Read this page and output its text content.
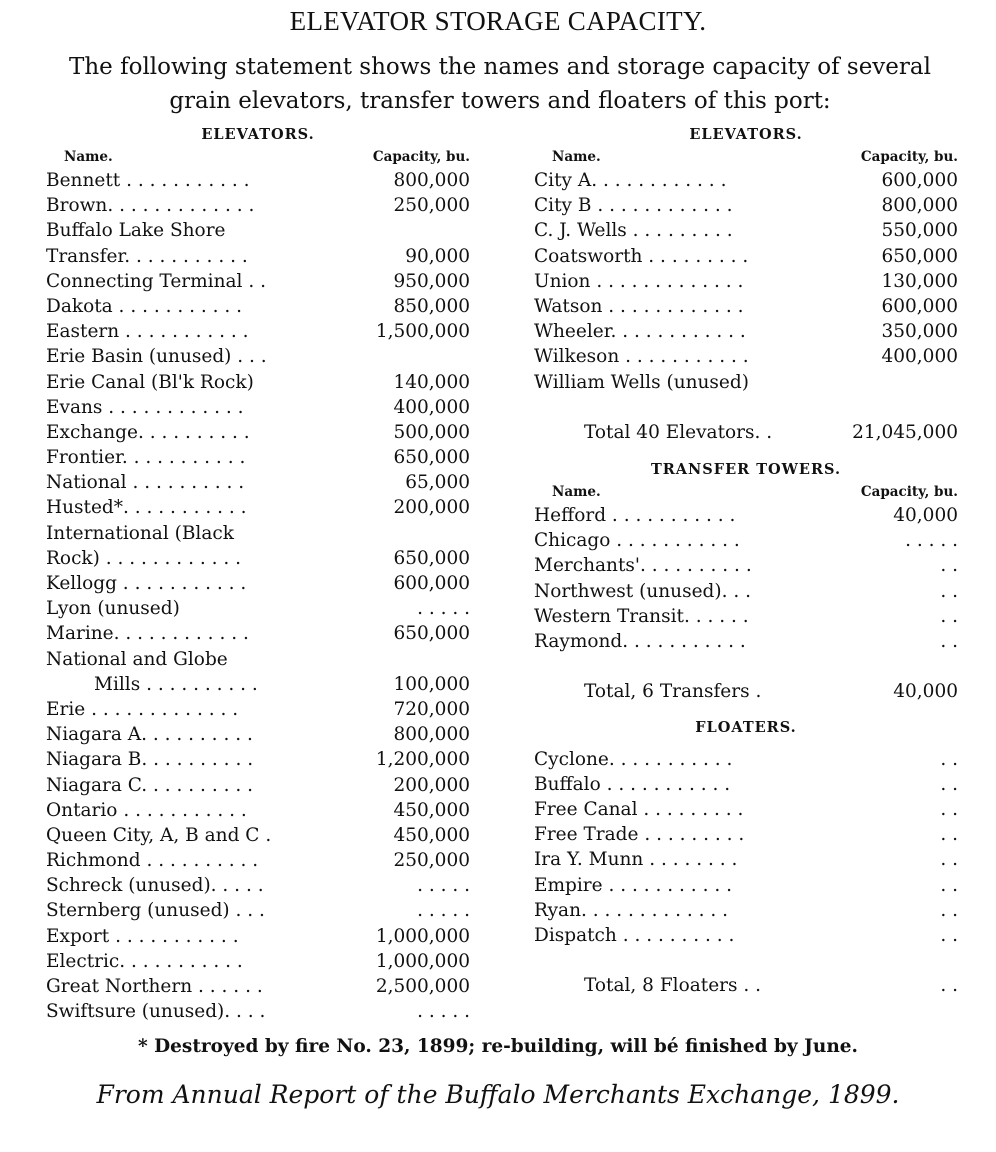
ELEVATOR STORAGE CAPACITY.
The following statement shows the names and storage capacity of several grain elevators, transfer towers and floaters of this port:
ELEVATORS.
Name.	Capacity, bu.
Bennett . . . . . . . . . . .	800,000
Brown. . . . . . . . . . . . .	250,000
Buffalo Lake Shore
Transfer. . . . . . . . . . .	90,000
Connecting Terminal . .	950,000
Dakota . . . . . . . . . . .	850,000
Eastern . . . . . . . . . . .	1,500,000
Erie Basin (unused) . . .
Erie Canal (Bl'k Rock)	140,000
Evans . . . . . . . . . . . .	400,000
Exchange. . . . . . . . . .	500,000
Frontier. . . . . . . . . . .	650,000
National . . . . . . . . . .	65,000
Husted*. . . . . . . . . . .	200,000
International (Black
Rock) . . . . . . . . . . . .	650,000
Kellogg . . . . . . . . . . .	600,000
Lyon (unused)	. . . . .
Marine. . . . . . . . . . . .	650,000
National and Globe
Mills . . . . . . . . . .	100,000
Erie . . . . . . . . . . . . .	720,000
Niagara A. . . . . . . . . .	800,000
Niagara B. . . . . . . . . .	1,200,000
Niagara C. . . . . . . . . .	200,000
Ontario . . . . . . . . . . .	450,000
Queen City, A, B and C .	450,000
Richmond . . . . . . . . . .	250,000
Schreck (unused). . . . .	. . . . .
Sternberg (unused) . . .	. . . . .
Export . . . . . . . . . . .	1,000,000
Electric. . . . . . . . . . .	1,000,000
Great Northern . . . . . .	2,500,000
Swiftsure (unused). . . .	. . . . .
ELEVATORS.
Name.	Capacity, bu.
City A. . . . . . . . . . . .	600,000
City B . . . . . . . . . . . .	800,000
C. J. Wells . . . . . . . . .	550,000
Coatsworth . . . . . . . . .	650,000
Union . . . . . . . . . . . . .	130,000
Watson . . . . . . . . . . . .	600,000
Wheeler. . . . . . . . . . . .	350,000
Wilkeson . . . . . . . . . . .	400,000
William Wells (unused)
Total 40 Elevators. .	21,045,000
TRANSFER TOWERS.
Name.	Capacity, bu.
Hefford . . . . . . . . . . .	40,000
Chicago . . . . . . . . . . .	. . . . .
Merchants'. . . . . . . . . .	. .
Northwest (unused). . .	. .
Western Transit. . . . . .	. .
Raymond. . . . . . . . . . .	. .
Total, 6 Transfers .	40,000
FLOATERS.
Cyclone. . . . . . . . . . .	. .
Buffalo . . . . . . . . . . .	. .
Free Canal . . . . . . . . .	. .
Free Trade . . . . . . . . .	. .
Ira Y. Munn . . . . . . . .	. .
Empire . . . . . . . . . . .	. .
Ryan. . . . . . . . . . . . .	. .
Dispatch . . . . . . . . . .	. .
Total, 8 Floaters . .	. .
* Destroyed by fire No. 23, 1899; re-building, will bé finished by June.
From Annual Report of the Buffalo Merchants Exchange, 1899.
